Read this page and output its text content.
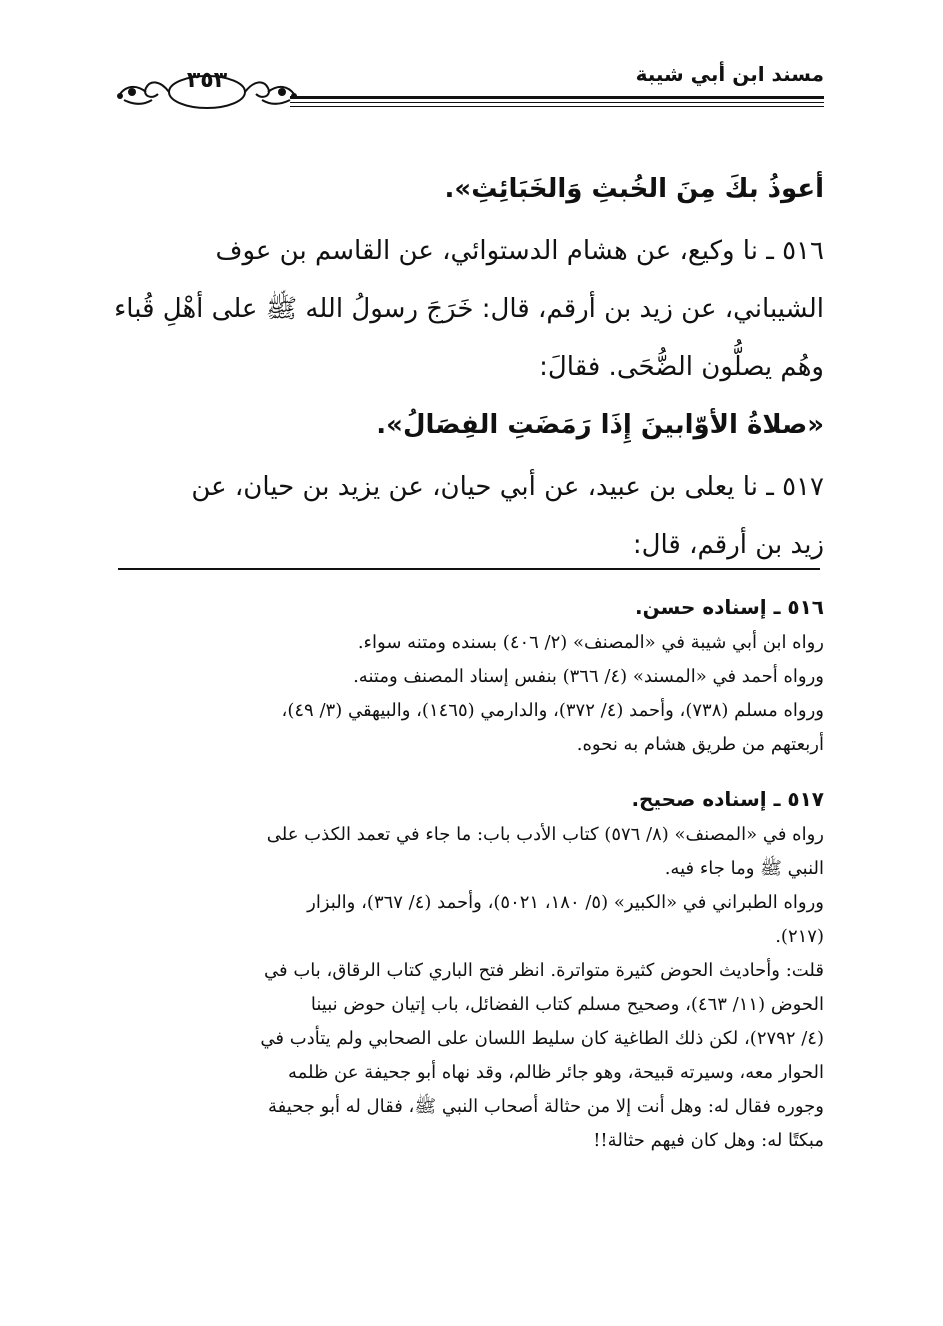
مسند ابن أبي شيبة
٣٥٣

أعوذُ بكَ مِنَ الخُبثِ وَالخَبَائِثِ».

٥١٦ ـ نا وكيع، عن هشام الدستوائي، عن القاسم بن عوف

الشيباني، عن زيد بن أرقم، قال: خَرَجَ رسولُ الله ﷺ على أهْلِ قُباء

وهُم يصلُّون الضُّحَى. فقالَ:

«صلاةُ الأوّابينَ إِذَا رَمَضَتِ الفِصَالُ».

٥١٧ ـ نا يعلى بن عبيد، عن أبي حيان، عن يزيد بن حيان، عن

زيد بن أرقم، قال:

٥١٦ ـ إسناده حسن.

رواه ابن أبي شيبة في «المصنف» (٢/ ٤٠٦) بسنده ومتنه سواء.

ورواه أحمد في «المسند» (٤/ ٣٦٦) بنفس إسناد المصنف ومتنه.

ورواه مسلم (٧٣٨)، وأحمد (٤/ ٣٧٢)، والدارمي (١٤٦٥)، والبيهقي (٣/ ٤٩)،

أربعتهم من طريق هشام به نحوه.

٥١٧ ـ إسناده صحيح.

رواه في «المصنف» (٨/ ٥٧٦) كتاب الأدب باب: ما جاء في تعمد الكذب على

النبي ﷺ وما جاء فيه.

ورواه الطبراني في «الكبير» (٥/ ١٨٠، ٥٠٢١)، وأحمد (٤/ ٣٦٧)، والبزار

(٢١٧).

قلت: وأحاديث الحوض كثيرة متواترة. انظر فتح الباري كتاب الرقاق، باب في

الحوض (١١/ ٤٦٣)، وصحيح مسلم كتاب الفضائل، باب إتيان حوض نبينا

(٤/ ٢٧٩٢)، لكن ذلك الطاغية كان سليط اللسان على الصحابي ولم يتأدب في

الحوار معه، وسيرته قبيحة، وهو جائر ظالم، وقد نهاه أبو جحيفة عن ظلمه

وجوره فقال له: وهل أنت إلا من حثالة أصحاب النبي ﷺ، فقال له أبو جحيفة

مبكتًا له: وهل كان فيهم حثالة!!
